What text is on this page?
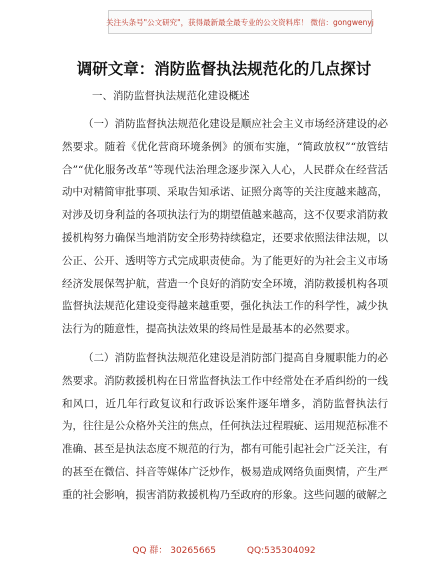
关注头条号"公文研究"，获得最新最全最专业的公文资料库！ 微信：gongwenyj
调研文章：消防监督执法规范化的几点探讨
一、消防监督执法规范化建设概述

（一）消防监督执法规范化建设是顺应社会主义市场经济建设的必然要求。随着《优化营商环境条例》的颁布实施，“简政放权”“放管结合”“优化服务改革”等现代法治理念逐步深入人心，人民群众在经营活动中对精简审批事项、采取告知承诺、证照分离等的关注度越来越高，对涉及切身利益的各项执法行为的期望值越来越高，这不仅要求消防救援机构努力确保当地消防安全形势持续稳定，还要求依照法律法规，以公正、公开、透明等方式完成职责使命。为了能更好的为社会主义市场经济发展保驾护航，营造一个良好的消防安全环境，消防救援机构各项监督执法规范化建设变得越来越重要，强化执法工作的科学性，减少执法行为的随意性，提高执法效果的终局性是最基本的必然要求。

（二）消防监督执法规范化建设是消防部门提高自身履职能力的必然要求。消防救援机构在日常监督执法工作中经常处在矛盾纠纷的一线和风口，近几年行政复议和行政诉讼案件逐年增多，消防监督执法行为，往往是公众格外关注的焦点，任何执法过程瑕疵、运用规范标准不准确、甚至是执法态度不规范的行为，都有可能引起社会广泛关注，有的甚至在微信、抖音等媒体广泛炒作，极易造成网络负面舆情，产生严重的社会影响，损害消防救援机构乃至政府的形象。这些问题的破解之

QQ 群： 30265665	QQ:535304092
